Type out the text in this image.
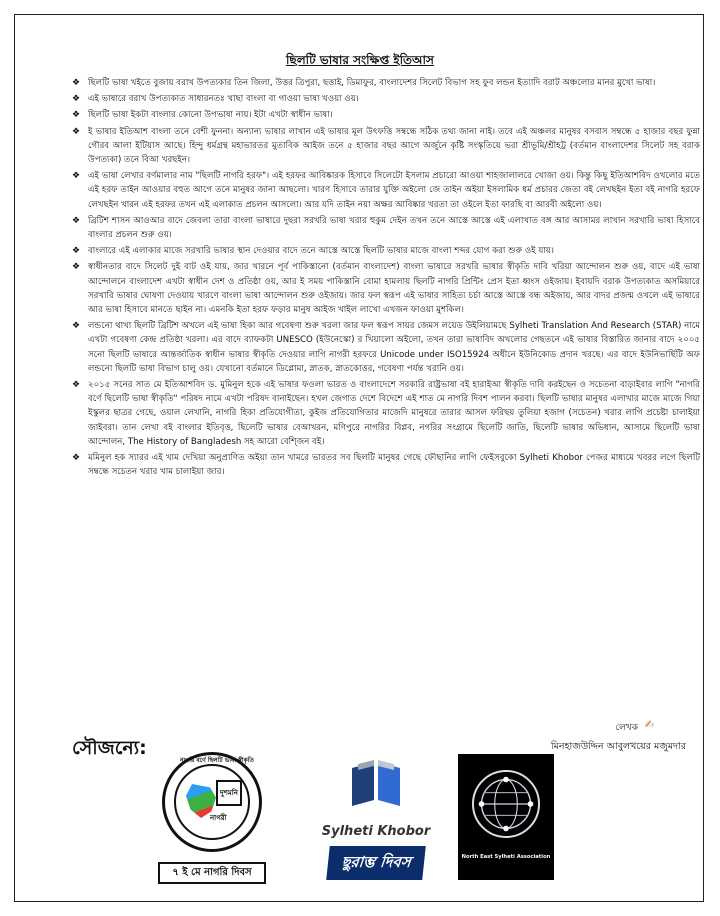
ছিলটি ভাষার সংক্ষিপ্ত ইতিআস
❖ ছিলটি ভাষা খইতে বুজায় বরাখ উপত্যকার তিন জিলা, উত্তর ত্রিপুরা, ছত্তাই, ডিমাফুর, বাংলাদেশর সিলেট বিভাগ সহ ফুব লন্ডন ইত্যাদি বরাট অঞ্চলোর মানর মুখো ভাষা।
❖ এই ভাষারে বরাখ উপত্যকাত সাধারনতঃ খাছা বাংলা বা গাওয়া ভাষা খওয়া ওয়।
❖ ছিলটি ভাষা ইকটা বাংলার কোনো উপভাষা নায়। ইটা এখটা স্বাধীন ভাষা।
❖ ই ভাষার ইতিআশ বাংলা তনে বেশী ফুননা। অন্যান্য ভাষার লাখান এই ভাষার মূল উৎফত্তি সম্বন্ধে সঠিক তথ্য জানা নাই। তবে এই অঞ্চলর মানুষর বসবাস সম্বন্ধে ৫ হাজার বছর ফুন্না গৌরব আলা ইটিয়াস আছে। হিন্দু ধর্মগ্রন্থ মহাভারতর মুতাবিক আইজ তনে ৫ হাজার বছর আগে অর্জুনে কৃষ্টি সংস্কৃতিয়ে ভরা শ্রীভূমি/শ্রীহট্ট (বর্তমান বাংলাদেশর সিলেট সহ বরাক উপত্যকা) তনে বিআ খরছইন।
❖ এই ভাষা লেখার বর্ণমালার নাম "ছিলটি নাগরি হরফ"। এই হরফর আবিষ্কারক হিসাবে সিলেটো ইসলাম প্রচারো আওয়া শাহজালালরে খোজা ওয়। কিন্তু কিছু ইতিআশবিদ ওখলোর মতে এই হরফ তাইন আওয়ার বহুত আগে তনে মানুষর জানা আছলো। খারণ হিসাবে তারার যুক্তি অইলো জে তাইন অইয়া ইসলামিক ধর্ম প্রচারর জেতা বই লেখছইন ইতা বই নাগরি হরফে লেখছইন খারন এই হরফর তখন এই এলাকাত প্রচলন আসলো। আর যদি তাইন নয়া অক্ষর আবিষ্কার খরতা তা ওইলে ইতা ফারছি বা আরবী অইলো ওয়।
❖ ব্রিটিশ শাসন আওআর বাদে জেবলা তারা বাংলা ভাষারে দুছরা সরখরি ভাষা খরার হুকুম দেইন তখন তনে আস্তে আস্তে এই এলাখাত বঙ্গ আর আসামর লাখান সরখারি ভাষা হিসাবে বাংলার প্রচলন শুরু ওয়।
❖ বাংলারে এই এলাকার মাজে সরখারি ভাষার স্থান দেওয়ার বাদে তনে আস্তে আস্তে ছিলটি ভাষার মাজে বাংলা শব্দর যোগ করা শুরু ওই যায়।
❖ স্বাধীনতার বাদে সিলেট দুই বাট ওই যায়, জার খারনে পূর্ব পাকিস্তানো (বর্তমান বাংলাদেশ) বাংলা ভাষারে সরখরি ভাষার স্বীকৃতি দাবি খরিয়া আন্দোলন শুরু ওয়, বাদে এই ভাষা আন্দোলনে বাংলাদেশ এখটা স্বাধীন দেশ ও প্রতিষ্ঠা ওয়, আর ই সময় পাকিস্তানি বোমা হামলায় ছিলটি নাগরি প্রিন্টিং প্রেস ইতা ধ্বংস ওইজায়। ইবায়দি বরাক উপত্যকাত অসমিয়ারে সরখারি ভাষার ঘোষণা দেওয়ায় খারণে বাংলা ভাষা আন্দোলন শুরু ওইজায়। জার ফল স্বরূপ এই ভাষার সাহিত্য চর্চা আস্তে আস্তে বন্ধ অইজায়, আর বাদর প্রজন্ম ওখলে এই ভাষারে আর ভাষা হিসাবে মানতে ছাইন না। এমনকি ইতা হরফ ফড়ার মানুষ আইজ খাইল লাখো এখজন ফাওয়া মুশকিল।
❖ লন্ডনো থাখা ছিলটি ব্রিটিশ অখলে এই ভাষা হিকা আর গবেষণা শুরু খরলা জার ফল স্বরূপ সায়র জেমস লয়েড উইলিয়ামছে Sylheti Translation And Research (STAR) নামে এখটা গবেষণা কেন্দ্র প্রতিষ্ঠা খরলা। এর বাদে ব্যাফকটা UNESCO (ইউনেস্কো) র খিয়ালো অইলো, তখন তারা ভাষাবিদ অখলোর গেছতনে এই ভাষার বিস্তারিত জানার বাদে ২০০৫ সনো ছিলটি ভাষারে আন্তর্জাতিক স্বাধীন ভাষার স্বীকৃতি দেওয়ার লাগি নাগরী হরফরে Unicode under ISO15924 অধীনে ইউনিকোড প্রদান খরছে। এর বাদে ইউনিভার্ছিটি অফ লন্ডনো ছিলটি ভাষা বিভাগ চালু ওয়। যেখানো বর্তমানে ডিপ্লোমা, স্নাতক, স্নাতকোত্তর, গবেষণা পর্যন্ত খরানি ওয়।
❖ ২০১৫ সনের সাত মে ইতিআশবিদ ড. মুমিনুল হকে এই ভাষার ফওলা ভারত ও বাংলাদেশে সরকারি রাষ্ট্রভাষা বই হারাইআ স্বীকৃতি দাবি করইছেন ও সচেতনা বাড়াইবার লাগি "নাগরি বর্ণে ছিলেটি ভাষা স্বীকৃতি" পরিষদ নামে এখটা পরিষদ বানাইছেন। হখল জেগাত দেশে বিদেশে এই শাত মে নাগরি দিবশ পালন করবা। ছিলটি ভাষার মানুষর এলাখার মাজে মাজে গিয়া ইস্কুলর ছাত্রর গেছে, ওয়াল লেখানি, নাগরি হিকা প্রতিযোগীতা, কুইজ প্রতিযোগিতার মাজেদি মানুষরে তারার আসল ফরিছয় তুলিয়া হজাগ (সচেতন) খরার লাগি প্রচেষ্টা চালাইয়া জাইবরা। তান লেখা বই বাংলার ইতিবৃত্ত, ছিলেটি ভাষার বেআখরন, মণিপুরে নাগরির বিপ্লব, নগরির সংগ্রামে ছিলেটি জাতি, ছিলেটি ভাষার অভিধান, আসামে ছিলেটি ভাষা আন্দোলন, The History of Bangladesh সহ আরো বেশ্জিন বই।
❖ মমিনুল হক স্যারর এই খাম দেখিয়া অনুপ্রাণিত অইয়া তান খামরে ভারতর সব ছিলটি মানুষর গেছে ফৌছানির লাগি ফেইসবুকো Sylheti Khobor পেজর মাধ্যমে খবরর লগে ছিলটি সম্বন্ধে সচেতন খরার খাম চালাইয়া জার।
লেখক ✍
মিনহাজউদ্দিন আবুলখয়ের মজুমদার
সৌজন্যে:
নাগরি বর্ণে ছিলটি ভাষা স্বীকৃতি
দুশমনি
নাগরী
৭ ই মে নাগরি দিবস
Sylheti Khobor
ছুরাম্ভ দিবস	North East Sylheti Association
